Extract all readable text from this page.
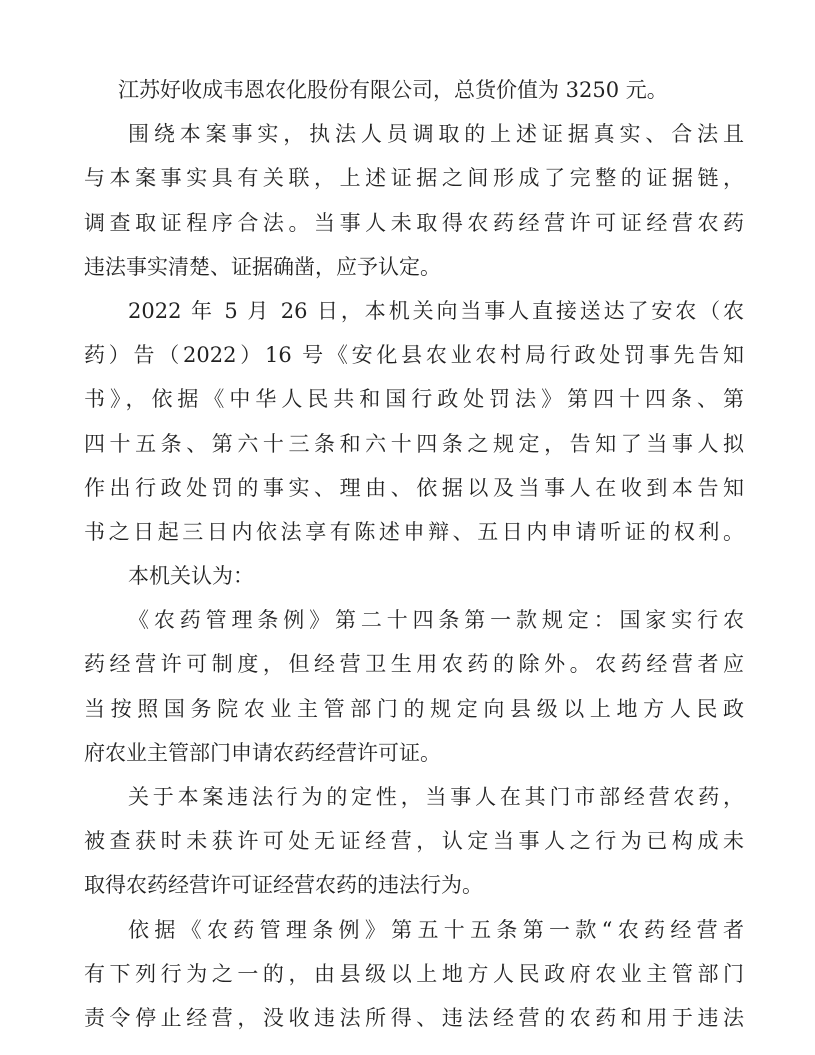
江苏好收成韦恩农化股份有限公司，总货价值为 3250 元。
围绕本案事实，执法人员调取的上述证据真实、合法且
与本案事实具有关联，上述证据之间形成了完整的证据链，
调查取证程序合法。当事人未取得农药经营许可证经营农药
违法事实清楚、证据确凿，应予认定。
2022 年 5 月 26 日，本机关向当事人直接送达了安农（农
药）告（2022）16 号《安化县农业农村局行政处罚事先告知
书》，依据《中华人民共和国行政处罚法》第四十四条、第
四十五条、第六十三条和六十四条之规定，告知了当事人拟
作出行政处罚的事实、理由、依据以及当事人在收到本告知
书之日起三日内依法享有陈述申辩、五日内申请听证的权利。
本机关认为：
《农药管理条例》第二十四条第一款规定：国家实行农
药经营许可制度，但经营卫生用农药的除外。农药经营者应
当按照国务院农业主管部门的规定向县级以上地方人民政
府农业主管部门申请农药经营许可证。
关于本案违法行为的定性，当事人在其门市部经营农药，
被查获时未获许可处无证经营，认定当事人之行为已构成未
取得农药经营许可证经营农药的违法行为。
依据《农药管理条例》第五十五条第一款“农药经营者
有下列行为之一的，由县级以上地方人民政府农业主管部门
责令停止经营，没收违法所得、违法经营的农药和用于违法
